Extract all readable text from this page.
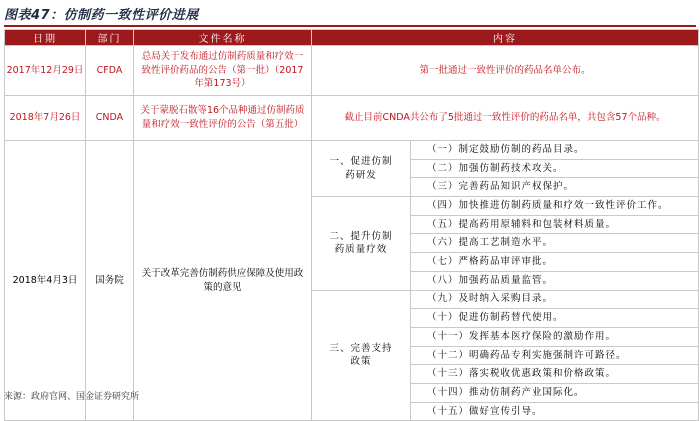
图表47：仿制药一致性评价进展
日期	部门	文件名称	内容	
2017年12月29日	CFDA	总局关于发布通过仿制药质量和疗效一致性评价药品的公告（第一批）（2017年第173号）	第一批通过一致性评价的药品名单公布。	
2018年7月26日	CNDA	关于蒙脱石散等16个品种通过仿制药质量和疗效一致性评价的公告（第五批）	截止目前CNDA共公布了5批通过一致性评价的药品名单，共包含57个品种。	
2018年4月3日	国务院	关于改革完善仿制药供应保障及使用政策的意见	一、促进仿制药研发	（一）制定鼓励仿制的药品目录。
				（二）加强仿制药技术攻关。
				（三）完善药品知识产权保护。
			二、提升仿制药质量疗效	（四）加快推进仿制药质量和疗效一致性评价工作。
				（五）提高药用原辅料和包装材料质量。
				（六）提高工艺制造水平。
				（七）严格药品审评审批。
				（八）加强药品质量监管。
			三、完善支持政策	（九）及时纳入采购目录。
				（十）促进仿制药替代使用。
				（十一）发挥基本医疗保险的激励作用。
				（十二）明确药品专利实施强制许可路径。
				（十三）落实税收优惠政策和价格政策。
				（十四）推动仿制药产业国际化。
				（十五）做好宣传引导。
来源：政府官网、国金证券研究所
